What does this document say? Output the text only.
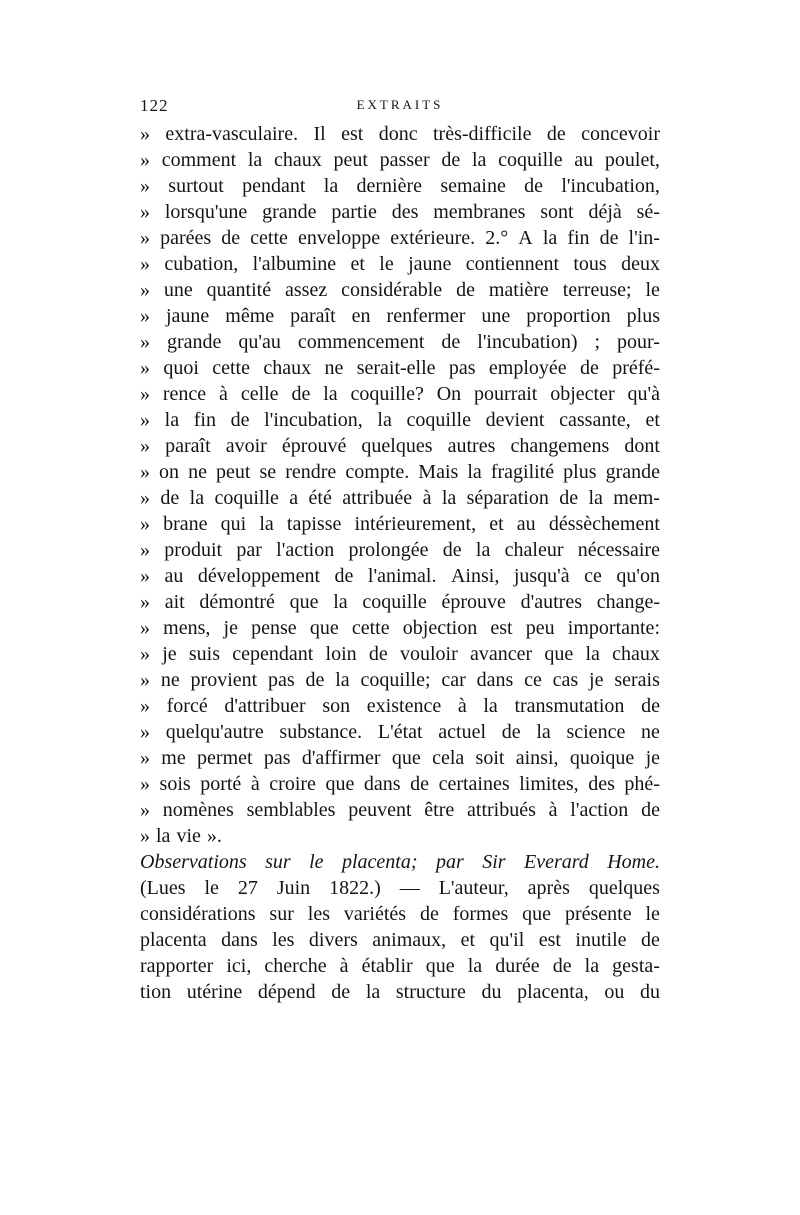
122	EXTRAITS
» extra-vasculaire. Il est donc très-difficile de concevoir
» comment la chaux peut passer de la coquille au poulet,
» surtout pendant la dernière semaine de l'incubation,
» lorsqu'une grande partie des membranes sont déjà sé-
» parées de cette enveloppe extérieure. 2.° A la fin de l'in-
» cubation, l'albumine et le jaune contiennent tous deux
» une quantité assez considérable de matière terreuse; le
» jaune même paraît en renfermer une proportion plus
» grande qu'au commencement de l'incubation) ; pour-
» quoi cette chaux ne serait-elle pas employée de préfé-
» rence à celle de la coquille? On pourrait objecter qu'à
» la fin de l'incubation, la coquille devient cassante, et
» paraît avoir éprouvé quelques autres changemens dont
» on ne peut se rendre compte. Mais la fragilité plus grande
» de la coquille a été attribuée à la séparation de la mem-
» brane qui la tapisse intérieurement, et au déssèchement
» produit par l'action prolongée de la chaleur nécessaire
» au développement de l'animal. Ainsi, jusqu'à ce qu'on
» ait démontré que la coquille éprouve d'autres change-
» mens, je pense que cette objection est peu importante:
» je suis cependant loin de vouloir avancer que la chaux
» ne provient pas de la coquille; car dans ce cas je serais
» forcé d'attribuer son existence à la transmutation de
» quelqu'autre substance. L'état actuel de la science ne
» me permet pas d'affirmer que cela soit ainsi, quoique je
» sois porté à croire que dans de certaines limites, des phé-
» nomènes semblables peuvent être attribués à l'action de
» la vie ».
Observations sur le placenta; par Sir Everard Home.
(Lues le 27 Juin 1822.) — L'auteur, après quelques
considérations sur les variétés de formes que présente le
placenta dans les divers animaux, et qu'il est inutile de
rapporter ici, cherche à établir que la durée de la gesta-
tion utérine dépend de la structure du placenta, ou du
